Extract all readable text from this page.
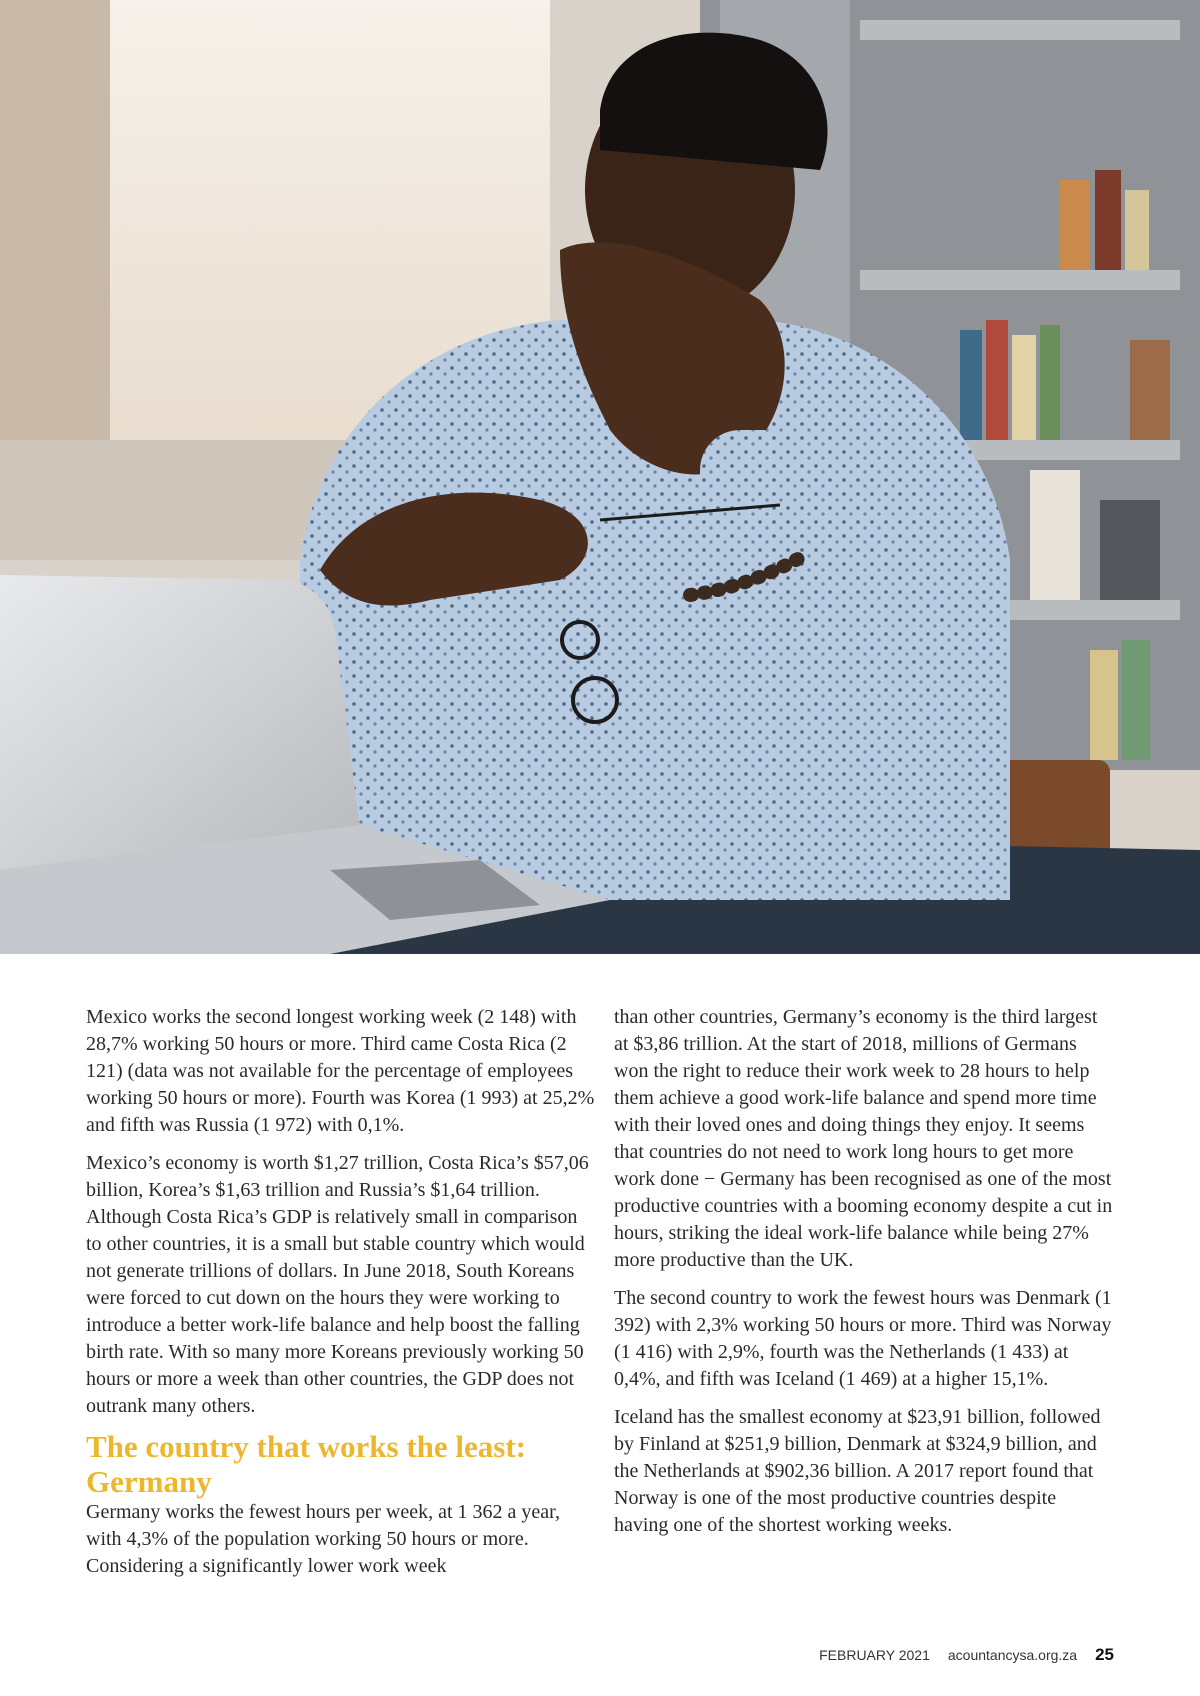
Mexico works the second longest working week (2 148) with 28,7% working 50 hours or more. Third came Costa Rica (2 121) (data was not available for the percentage of employees working 50 hours or more). Fourth was Korea (1 993) at 25,2% and fifth was Russia (1 972) with 0,1%.

Mexico’s economy is worth $1,27 trillion, Costa Rica’s $57,06 billion, Korea’s $1,63 trillion and Russia’s $1,64 trillion. Although Costa Rica’s GDP is relatively small in comparison to other countries, it is a small but stable country which would not generate trillions of dollars. In June 2018, South Koreans were forced to cut down on the hours they were working to introduce a better work-life balance and help boost the falling birth rate. With so many more Koreans previously working 50 hours or more a week than other countries, the GDP does not outrank many others.

The country that works the least: Germany

Germany works the fewest hours per week, at 1 362 a year, with 4,3% of the population working 50 hours or more. Considering a significantly lower work week

than other countries, Germany’s economy is the third largest at $3,86 trillion. At the start of 2018, millions of Germans won the right to reduce their work week to 28 hours to help them achieve a good work-life balance and spend more time with their loved ones and doing things they enjoy. It seems that countries do not need to work long hours to get more work done − Germany has been recognised as one of the most productive countries with a booming economy despite a cut in hours, striking the ideal work-life balance while being 27% more productive than the UK.

The second country to work the fewest hours was Denmark (1 392) with 2,3% working 50 hours or more. Third was Norway (1 416) with 2,9%, fourth was the Netherlands (1 433) at 0,4%, and fifth was Iceland (1 469) at a higher 15,1%.

Iceland has the smallest economy at $23,91 billion, followed by Finland at $251,9 billion, Denmark at $324,9 billion, and the Netherlands at $902,36 billion. A 2017 report found that Norway is one of the most productive countries despite having one of the shortest working weeks.

FEBRUARY 2021 acountancysa.org.za 25
